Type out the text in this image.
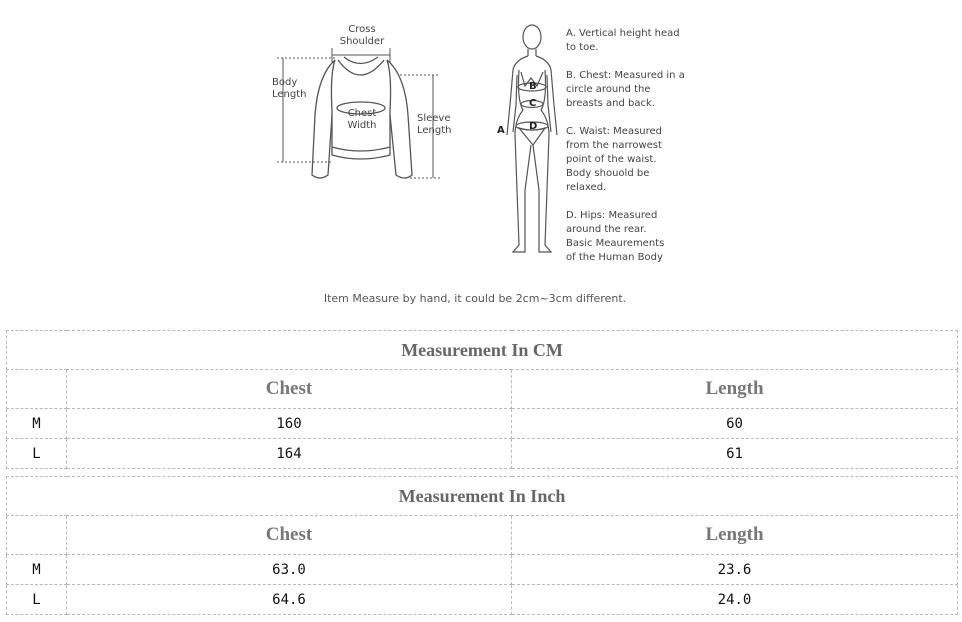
Cross
Shoulder
Body
Length
Chest
Width
Sleeve
Length	A
B
C
D
A. Vertical height head
to toe.
B. Chest: Measured in a
circle around the
breasts and back.
C. Waist: Measured
from the narrowest
point of the waist.
Body shouold be
relaxed.
D. Hips: Measured
around the rear.
Basic Meaurements
of the Human Body
Item Measure by hand, it could be 2cm~3cm different.
Measurement In CM		
	Chest	Length
M	160	60
L	164	61
Measurement In Inch		
	Chest	Length
M	63.0	23.6
L	64.6	24.0
